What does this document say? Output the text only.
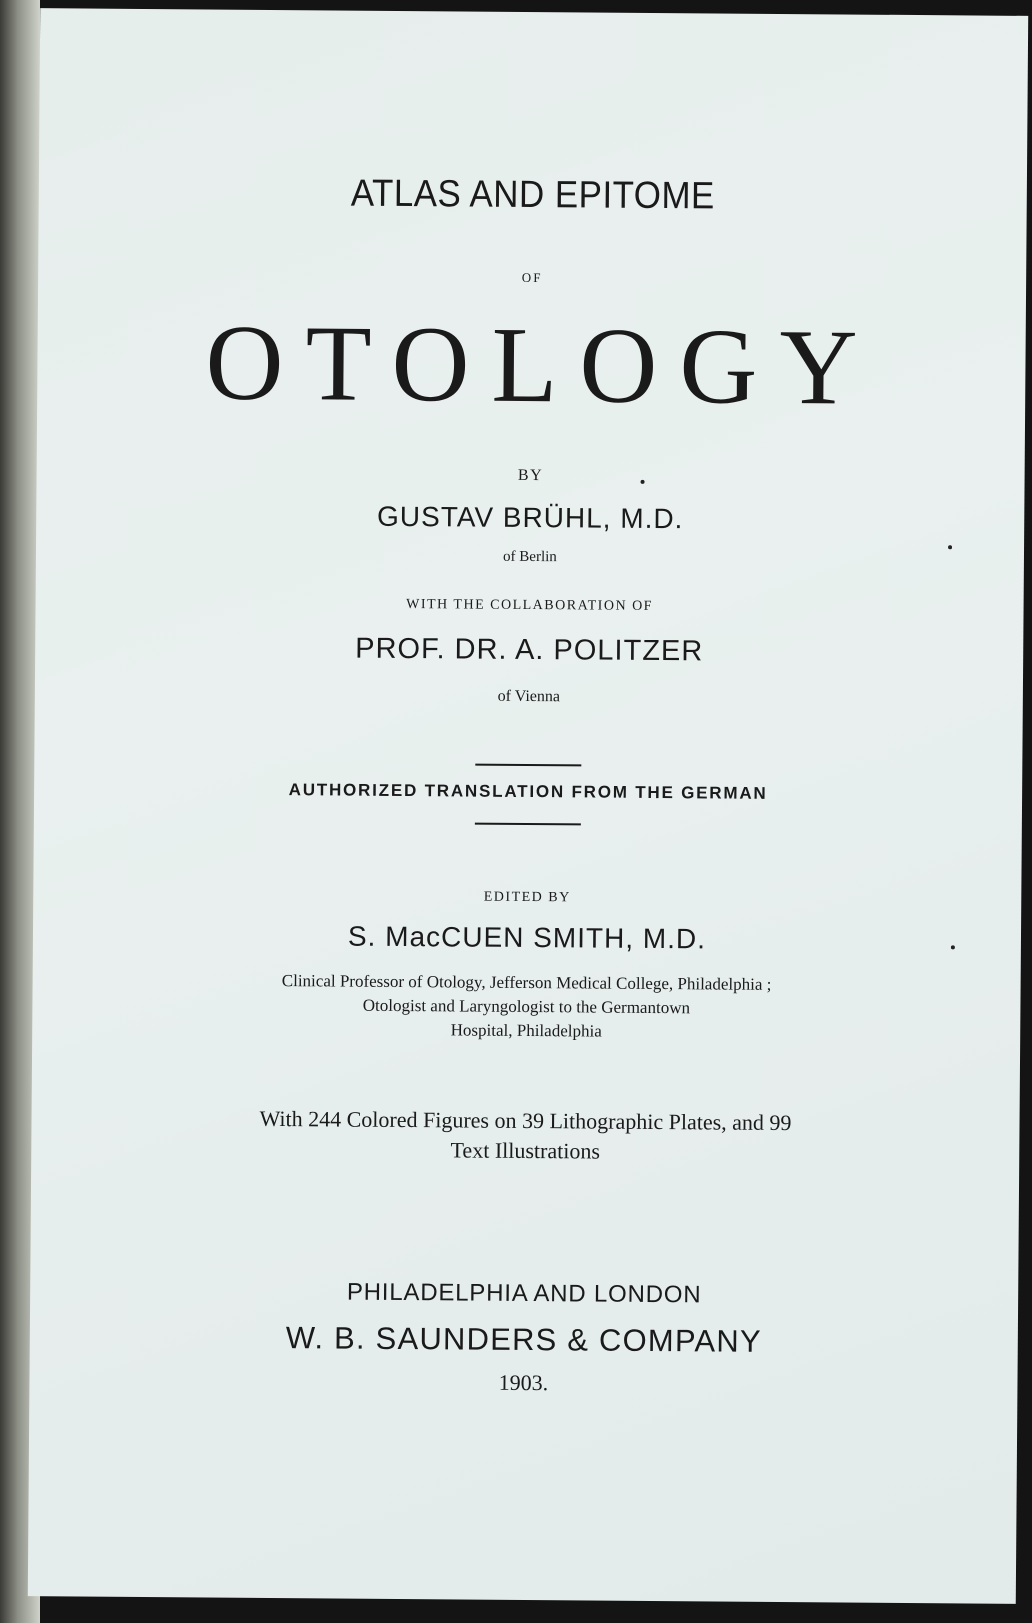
ATLAS AND EPITOME
OF
OTOLOGY
BY
GUSTAV BRÜHL, M.D.
of Berlin
WITH THE COLLABORATION OF
PROF. DR. A. POLITZER
of Vienna
AUTHORIZED TRANSLATION FROM THE GERMAN
EDITED BY
S. MacCUEN SMITH, M.D.
Clinical Professor of Otology, Jefferson Medical College, Philadelphia ;
Otologist and Laryngologist to the Germantown
Hospital, Philadelphia
With 244 Colored Figures on 39 Lithographic Plates, and 99
Text Illustrations
PHILADELPHIA AND LONDON
W. B. SAUNDERS & COMPANY
1903.
